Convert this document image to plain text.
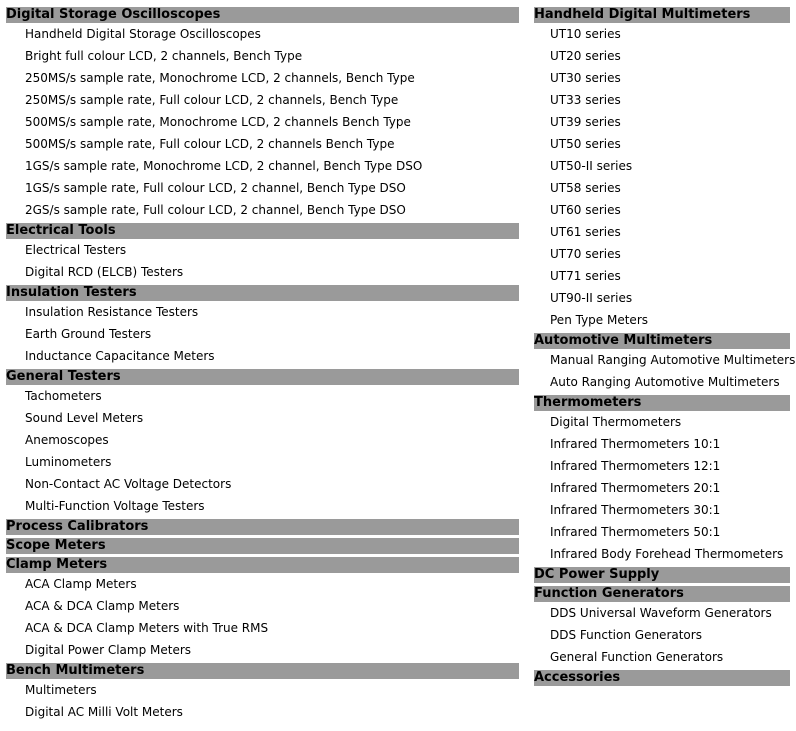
Digital Storage Oscilloscopes
Handheld Digital Storage Oscilloscopes
Bright full colour LCD, 2 channels, Bench Type
250MS/s sample rate, Monochrome LCD, 2 channels, Bench Type
250MS/s sample rate, Full colour LCD, 2 channels, Bench Type
500MS/s sample rate, Monochrome LCD, 2 channels Bench Type
500MS/s sample rate, Full colour LCD, 2 channels Bench Type
1GS/s sample rate, Monochrome LCD, 2 channel, Bench Type DSO
1GS/s sample rate, Full colour LCD, 2 channel, Bench Type DSO
2GS/s sample rate, Full colour LCD, 2 channel, Bench Type DSO
Electrical Tools
Electrical Testers
Digital RCD (ELCB) Testers
Insulation Testers
Insulation Resistance Testers
Earth Ground Testers
Inductance Capacitance Meters
General Testers
Tachometers
Sound Level Meters
Anemoscopes
Luminometers
Non-Contact AC Voltage Detectors
Multi-Function Voltage Testers
Process Calibrators
Scope Meters
Clamp Meters
ACA Clamp Meters
ACA & DCA Clamp Meters
ACA & DCA Clamp Meters with True RMS
Digital Power Clamp Meters
Bench Multimeters
Multimeters
Digital AC Milli Volt Meters
Handheld Digital Multimeters
UT10 series
UT20 series
UT30 series
UT33 series
UT39 series
UT50 series
UT50-II series
UT58 series
UT60 series
UT61 series
UT70 series
UT71 series
UT90-II series
Pen Type Meters
Automotive Multimeters
Manual Ranging Automotive Multimeters
Auto Ranging Automotive Multimeters
Thermometers
Digital Thermometers
Infrared Thermometers 10:1
Infrared Thermometers 12:1
Infrared Thermometers 20:1
Infrared Thermometers 30:1
Infrared Thermometers 50:1
Infrared Body Forehead Thermometers
DC Power Supply
Function Generators
DDS Universal Waveform Generators
DDS Function Generators
General Function Generators
Accessories
